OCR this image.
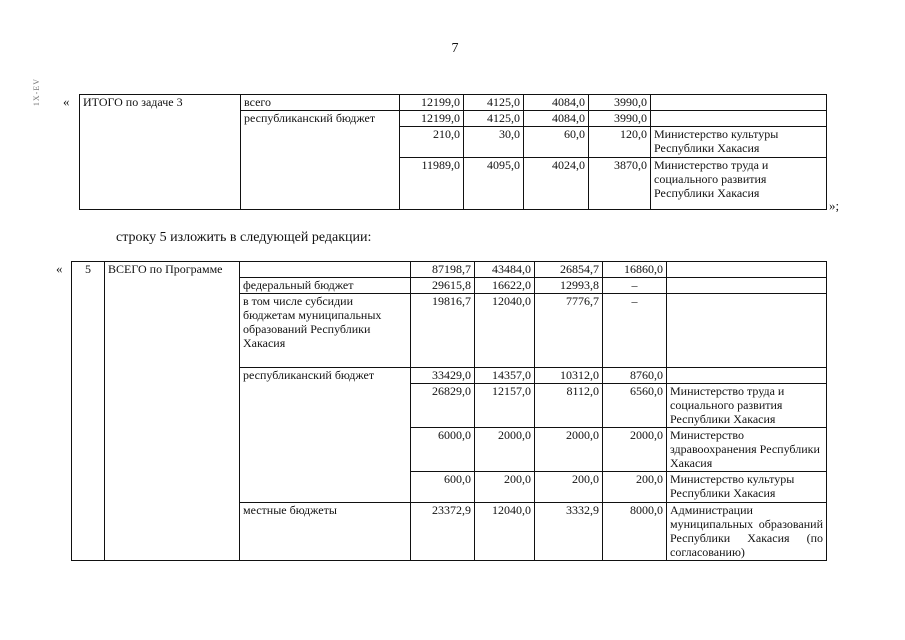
7
1X-EV « ИТОГО по задаче 3	всего	12199,0	4125,0	4084,0	3990,0	
	республиканский бюджет	12199,0	4125,0	4084,0	3990,0	
		210,0	30,0	60,0	120,0	Министерство культуры Республики Хакасия
		11989,0	4095,0	4024,0	3870,0	Министерство труда и социального развития Республики Хакасия
»;
строку 5 изложить в следующей редакции:
« 5	ВСЕГО по Программе		87198,7	43484,0	26854,7	16860,0	
		федеральный бюджет	29615,8	16622,0	12993,8	–	
		в том числе субсидии бюджетам муниципальных образований Республики Хакасия	19816,7	12040,0	7776,7	–	
		республиканский бюджет	33429,0	14357,0	10312,0	8760,0	
			26829,0	12157,0	8112,0	6560,0	Министерство труда и социального развития Республики Хакасия
			6000,0	2000,0	2000,0	2000,0	Министерство здравоохранения Республики Хакасия
			600,0	200,0	200,0	200,0	Министерство культуры Республики Хакасия
		местные бюджеты	23372,9	12040,0	3332,9	8000,0	Администрации муниципальных образований Республики Хакасия (по согласованию)
